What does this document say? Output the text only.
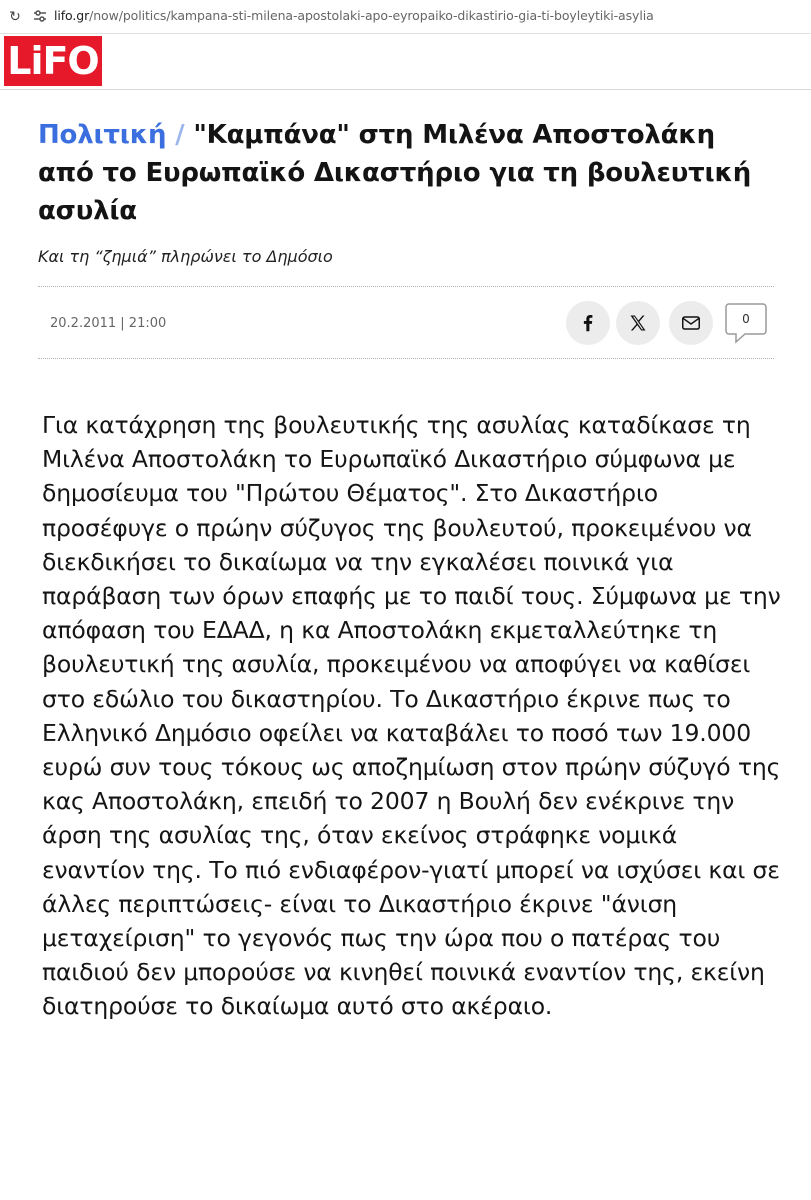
↻	lifo.gr/now/politics/kampana-sti-milena-apostolaki-apo-eyropaiko-dikastirio-gia-ti-boyleytiki-asylia
LiFO
Πολιτική / "Καμπάνα" στη Μιλένα Αποστολάκη από το Ευρωπαϊκό Δικαστήριο για τη βουλευτική ασυλία
Και τη “ζημιά” πληρώνει το Δημόσιο
20.2.2011 | 21:00	0

Για κατάχρηση της βουλευτικής της ασυλίας καταδίκασε τη Μιλένα Αποστολάκη το Ευρωπαϊκό Δικαστήριο σύμφωνα με δημοσίευμα του "Πρώτου Θέματος". Στο Δικαστήριο προσέφυγε ο πρώην σύζυγος της βουλευτού, προκειμένου να διεκδικήσει το δικαίωμα να την εγκαλέσει ποινικά για παράβαση των όρων επαφής με το παιδί τους. Σύμφωνα με την απόφαση του ΕΔΑΔ, η κα Αποστολάκη εκμεταλλεύτηκε τη βουλευτική της ασυλία, προκειμένου να αποφύγει να καθίσει στο εδώλιο του δικαστηρίου. Το Δικαστήριο έκρινε πως το Ελληνικό Δημόσιο οφείλει να καταβάλει το ποσό των 19.000 ευρώ συν τους τόκους ως αποζημίωση στον πρώην σύζυγό της κας Αποστολάκη, επειδή το 2007 η Βουλή δεν ενέκρινε την άρση της ασυλίας της, όταν εκείνος στράφηκε νομικά εναντίον της. Το πιό ενδιαφέρον-γιατί μπορεί να ισχύσει και σε άλλες περιπτώσεις- είναι το Δικαστήριο έκρινε "άνιση μεταχείριση" το γεγονός πως την ώρα που ο πατέρας του παιδιού δεν μπορούσε να κινηθεί ποινικά εναντίον της, εκείνη διατηρούσε το δικαίωμα αυτό στο ακέραιο.
